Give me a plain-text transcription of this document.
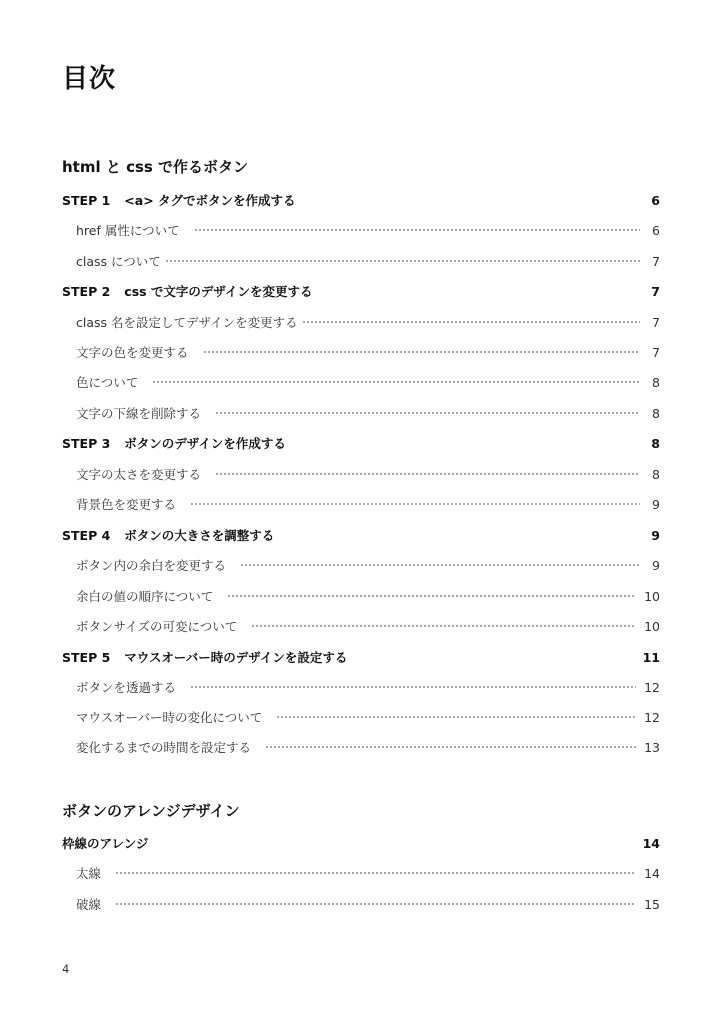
目次
html と css で作るボタン
STEP 1 <a> タグでボタンを作成する	6
href 属性について	6
class について	7
STEP 2 css で文字のデザインを変更する	7
class 名を設定してデザインを変更する	7
文字の色を変更する	7
色について	8
文字の下線を削除する	8
STEP 3 ボタンのデザインを作成する	8
文字の太さを変更する	8
背景色を変更する	9
STEP 4 ボタンの大きさを調整する	9
ボタン内の余白を変更する	9
余白の値の順序について	10
ボタンサイズの可変について	10
STEP 5 マウスオーバー時のデザインを設定する	11
ボタンを透過する	12
マウスオーバー時の変化について	12
変化するまでの時間を設定する	13
ボタンのアレンジデザイン
枠線のアレンジ	14
太線	14
破線	15
4
